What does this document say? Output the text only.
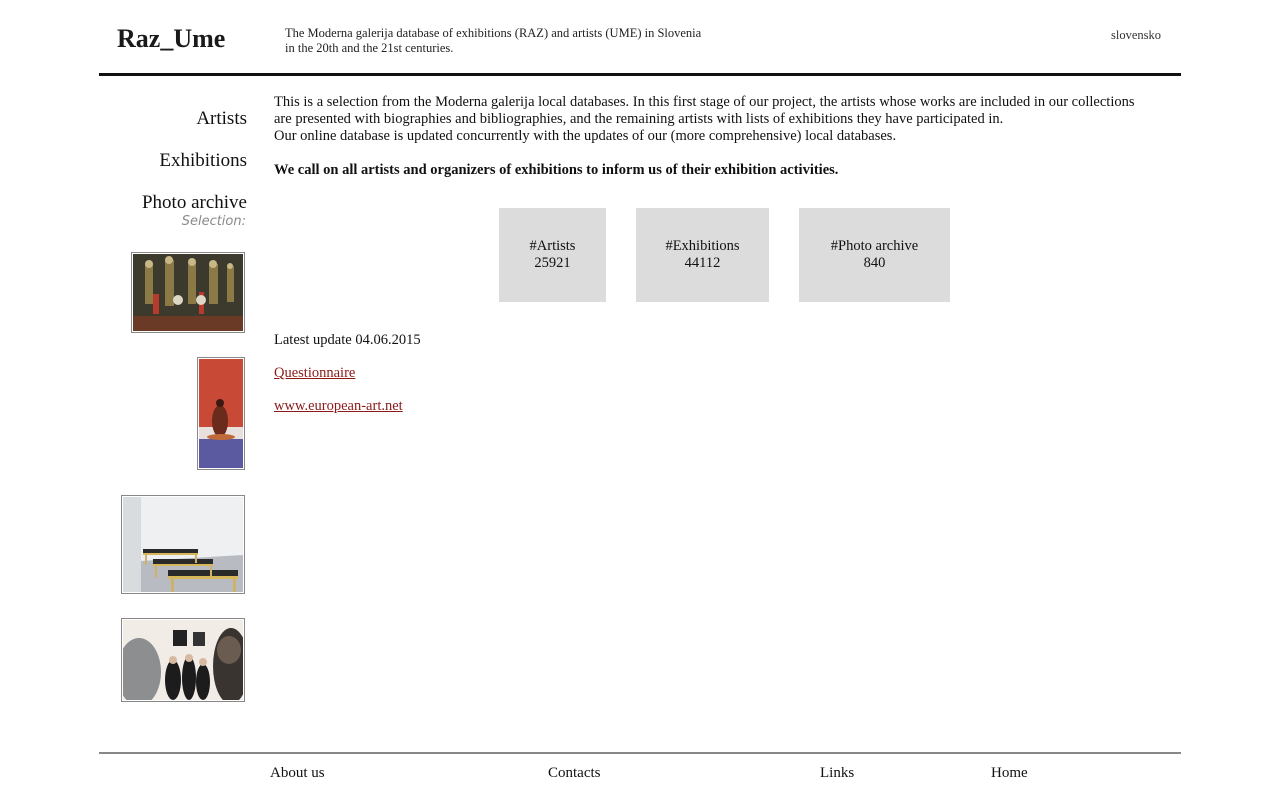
Raz_Ume	The Moderna galerija database of exhibitions (RAZ) and artists (UME) in Slovenia
in the 20th and the 21st centuries.
slovensko
Artists
Exhibitions
Photo archive
Selection:

This is a selection from the Moderna galerija local databases. In this first stage of our project, the artists whose works are included in our collections
are presented with biographies and bibliographies, and the remaining artists with lists of exhibitions they have participated in.
Our online database is updated concurrently with the updates of our (more comprehensive) local databases.

We call on all artists and organizers of exhibitions to inform us of their exhibition activities.

#Artists
25921
#Exhibitions
44112
#Photo archive
840
Latest update 04.06.2015
Questionnaire
www.european-art.net
About us	Contacts	Links	Home
